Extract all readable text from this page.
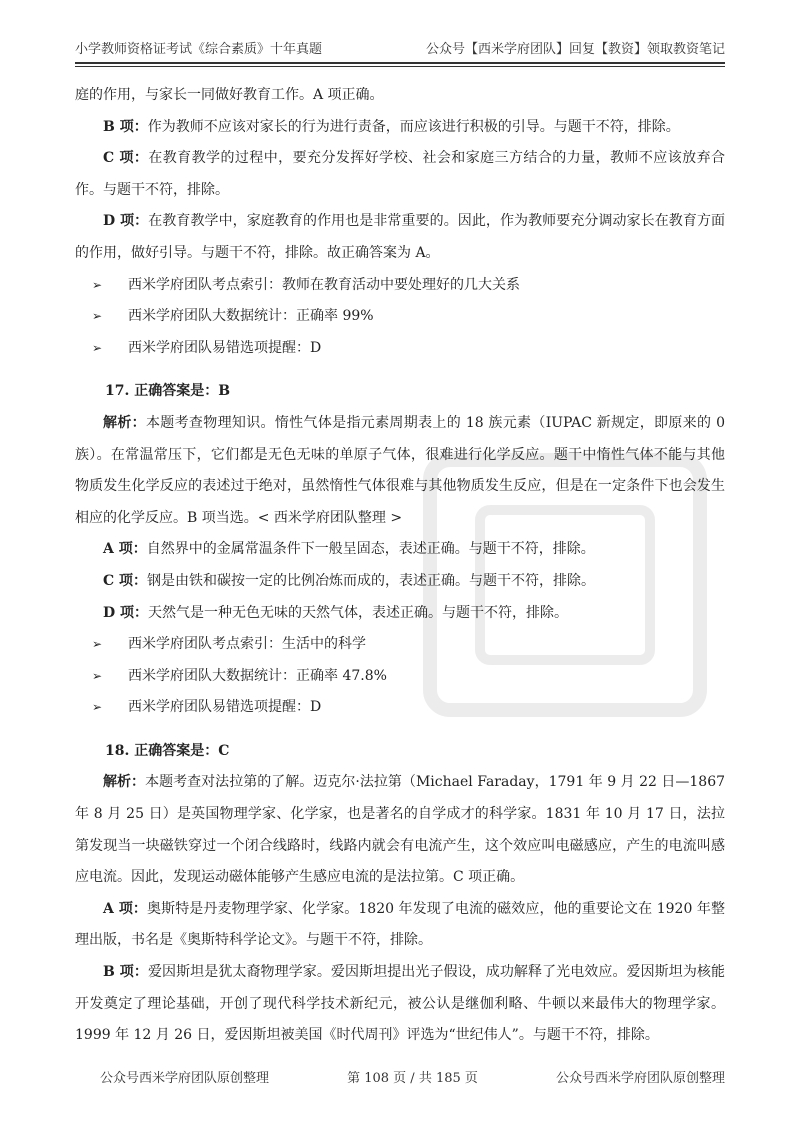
小学教师资格证考试《综合素质》十年真题	公众号【西米学府团队】回复【教资】领取教资笔记

庭的作用，与家长一同做好教育工作。A 项正确。

B 项：作为教师不应该对家长的行为进行责备，而应该进行积极的引导。与题干不符，排除。

C 项：在教育教学的过程中，要充分发挥好学校、社会和家庭三方结合的力量，教师不应该放弃合作。与题干不符，排除。

D 项：在教育教学中，家庭教育的作用也是非常重要的。因此，作为教师要充分调动家长在教育方面的作用，做好引导。与题干不符，排除。故正确答案为 A。

➢	西米学府团队考点索引：教师在教育活动中要处理好的几大关系

➢	西米学府团队大数据统计：正确率 99%

➢	西米学府团队易错选项提醒：D

17. 正确答案是：B

解析：本题考查物理知识。惰性气体是指元素周期表上的 18 族元素（IUPAC 新规定，即原来的 0 族）。在常温常压下，它们都是无色无味的单原子气体，很难进行化学反应。题干中惰性气体不能与其他物质发生化学反应的表述过于绝对，虽然惰性气体很难与其他物质发生反应，但是在一定条件下也会发生相应的化学反应。B 项当选。< 西米学府团队整理 >

A 项：自然界中的金属常温条件下一般呈固态，表述正确。与题干不符，排除。

C 项：钢是由铁和碳按一定的比例冶炼而成的，表述正确。与题干不符，排除。

D 项：天然气是一种无色无味的天然气体，表述正确。与题干不符，排除。

➢	西米学府团队考点索引：生活中的科学

➢	西米学府团队大数据统计：正确率 47.8%

➢	西米学府团队易错选项提醒：D

18. 正确答案是：C

解析：本题考查对法拉第的了解。迈克尔·法拉第（Michael Faraday，1791 年 9 月 22 日—1867 年 8 月 25 日）是英国物理学家、化学家，也是著名的自学成才的科学家。1831 年 10 月 17 日，法拉第发现当一块磁铁穿过一个闭合线路时，线路内就会有电流产生，这个效应叫电磁感应，产生的电流叫感应电流。因此，发现运动磁体能够产生感应电流的是法拉第。C 项正确。

A 项：奥斯特是丹麦物理学家、化学家。1820 年发现了电流的磁效应，他的重要论文在 1920 年整理出版，书名是《奥斯特科学论文》。与题干不符，排除。

B 项：爱因斯坦是犹太裔物理学家。爱因斯坦提出光子假设，成功解释了光电效应。爱因斯坦为核能开发奠定了理论基础，开创了现代科学技术新纪元，被公认是继伽利略、牛顿以来最伟大的物理学家。1999 年 12 月 26 日，爱因斯坦被美国《时代周刊》评选为“世纪伟人”。与题干不符，排除。

公众号西米学府团队原创整理	第 108 页 / 共 185 页	公众号西米学府团队原创整理
